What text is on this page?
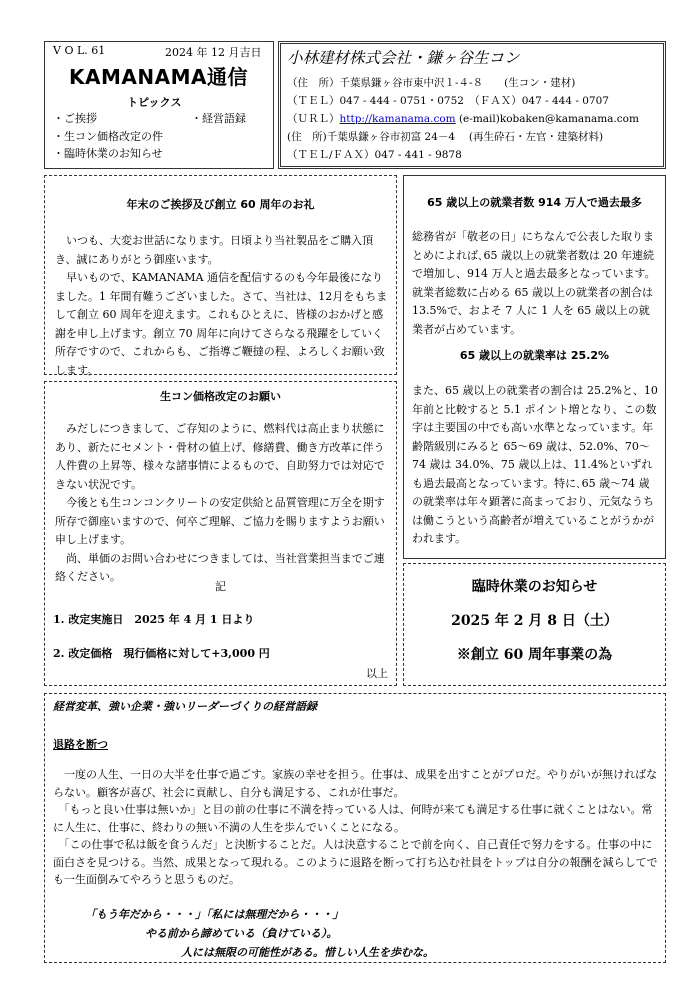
V O L. 61	2024 年 12 月吉日
KAMANAMA通信
トピックス
・ご挨拶
・生コン価格改定の件
・臨時休業のお知らせ
・経営語録
小林建材株式会社・鎌ヶ谷生コン
（住　所）千葉県鎌ヶ谷市東中沢１-４-８　　(生コン・建材)
（ＴＥＬ）047 - 444 - 0751・0752　（ＦＡＸ）047 - 444 - 0707
（ＵＲＬ）http://kamanama.com (e-mail)kobaken@kamanama.com
(住　所)千葉県鎌ヶ谷市初富 24－4　 (再生砕石・左官・建築材料)
（ＴＥＬ/ＦＡＸ）047 - 441 - 9878
年末のご挨拶及び創立 60 周年のお礼
　いつも、大変お世話になります。日頃より当社製品をご購入頂き、誠にありがとう御座います。
　早いもので、KAMANAMA 通信を配信するのも今年最後になりました。1 年間有難うございました。さて、当社は、12月をもちまして創立 60 周年を迎えます。これもひとえに、皆様のおかげと感謝を申し上げます。創立 70 周年に向けてさらなる飛躍をしていく所存ですので、これからも、ご指導ご鞭撻の程、よろしくお願い致します。
生コン価格改定のお願い
　みだしにつきまして、ご存知のように、燃料代は高止まり状態にあり、新たにセメント・骨材の値上げ、修繕費、働き方改革に伴う人件費の上昇等、様々な諸事情によるもので、自助努力では対応できない状況です。
　今後とも生コンコンクリートの安定供給と品質管理に万全を期す所存で御座いますので、何卒ご理解、ご協力を賜りますようお願い申し上げます。
　尚、単価のお問い合わせにつきましては、当社営業担当までご連絡ください。
記
1. 改定実施日　2025 年 4 月 1 日より
2. 改定価格　現行価格に対して+3,000 円
以上
65 歳以上の就業者数 914 万人で過去最多
総務省が「敬老の日」にちなんで公表した取りまとめによれば､65 歳以上の就業者数は 20 年連続で増加し、914 万人と過去最多となっています。就業者総数に占める 65 歳以上の就業者の割合は 13.5%で、およそ 7 人に 1 人を 65 歳以上の就業者が占めています。
65 歳以上の就業率は 25.2%
また、65 歳以上の就業者の割合は 25.2%と、10 年前と比較すると 5.1 ポイント増となり、この数字は主要国の中でも高い水準となっています。年齢階級別にみると 65～69 歳は、52.0%、70～74 歳は 34.0%、75 歳以上は、11.4%といずれも過去最高となっています。特に､65 歳～74 歳の就業率は年々顕著に高まっており、元気なうちは働こうという高齢者が増えていることがうかがわれます。
臨時休業のお知らせ
2025 年 2 月 8 日（土）
※創立 60 周年事業の為
経営変革、強い企業・強いリーダーづくりの経営語録
退路を断つ
　一度の人生、一日の大半を仕事で過ごす。家族の幸せを担う。仕事は、成果を出すことがプロだ。やりがいが無ければならない。顧客が喜び、社会に貢献し、自分も満足する、これが仕事だ。
　「もっと良い仕事は無いか」と目の前の仕事に不満を持っている人は、何時が来ても満足する仕事に就くことはない。常に人生に、仕事に、終わりの無い不満の人生を歩んでいくことになる。
　「この仕事で私は飯を食うんだ」と決断することだ。人は決意することで前を向く、自己責任で努力をする。仕事の中に面白さを見つける。当然、成果となって現れる。このように退路を断って打ち込む社員をトップは自分の報酬を減らしてでも一生面倒みてやろうと思うものだ。
「もう年だから・・・」「私には無理だから・・・」
やる前から諦めている（負けている）。
人には無限の可能性がある。惜しい人生を歩むな。
